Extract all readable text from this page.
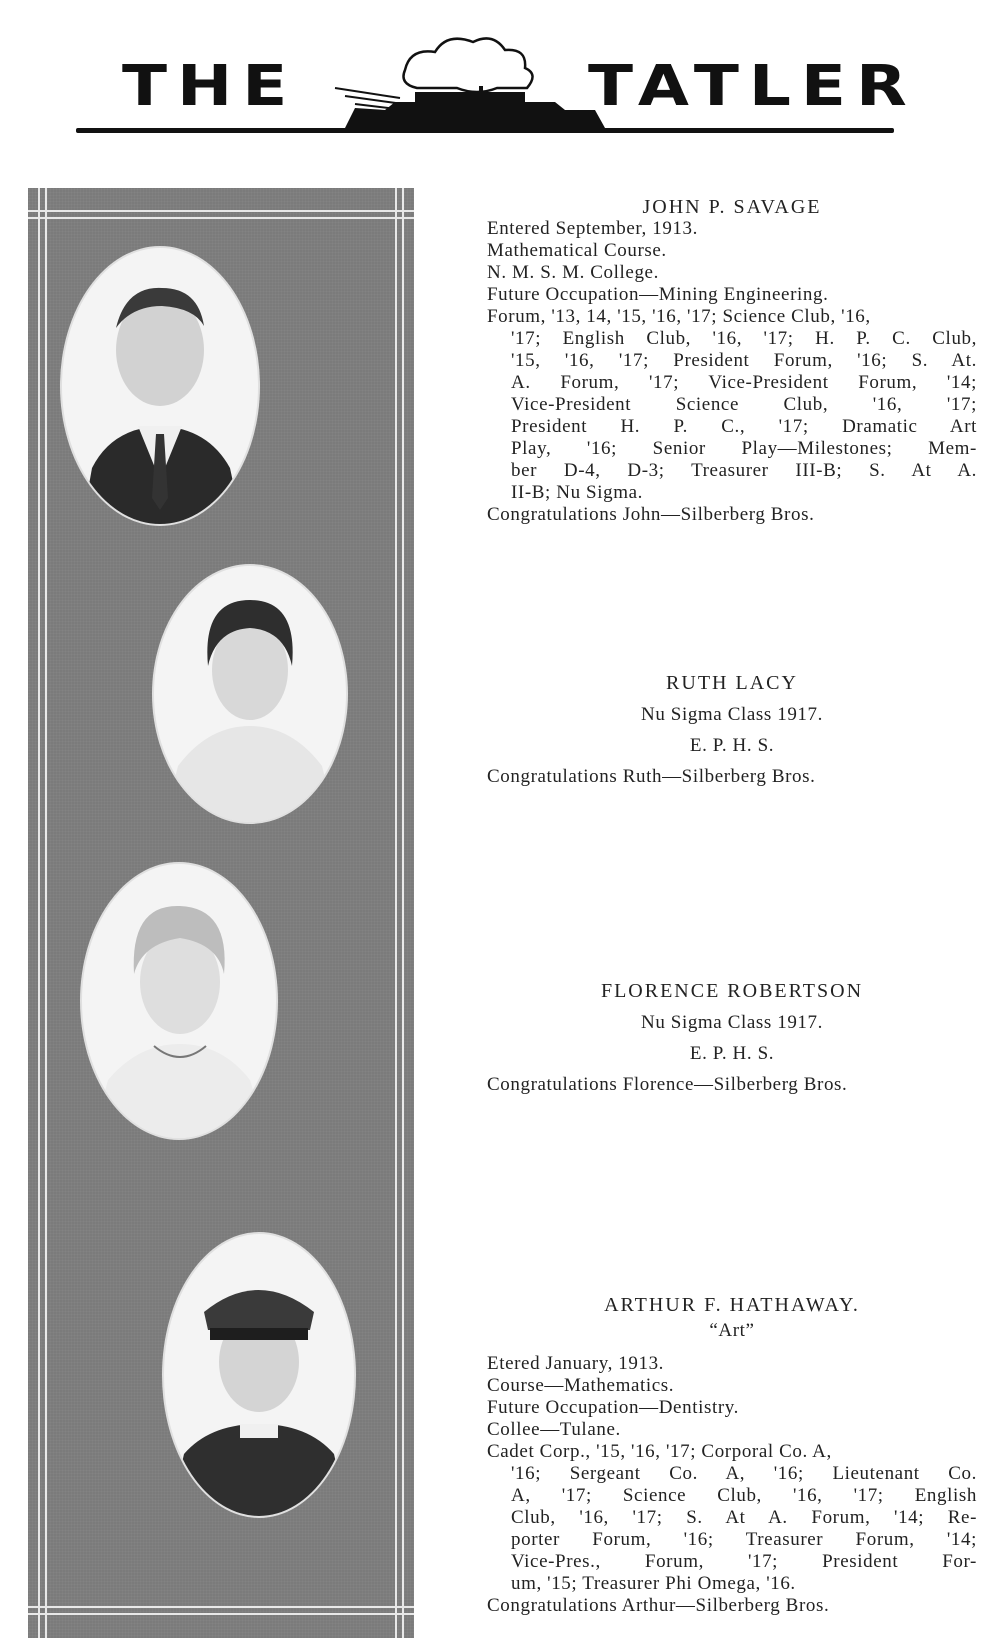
THE	TATLER
JOHN P. SAVAGE
Entered September, 1913.
Mathematical Course.
N. M. S. M. College.
Future Occupation—Mining Engineering.
Forum, '13, 14, '15, '16, '17; Science Club, '16,
'17; English Club, '16, '17; H. P. C. Club,
'15, '16, '17; President Forum, '16; S. At.
A. Forum, '17; Vice-President Forum, '14;
Vice-President Science Club, '16, '17;
President H. P. C., '17; Dramatic Art
Play, '16; Senior Play—Milestones; Mem-
ber D-4, D-3; Treasurer III-B; S. At A.
II-B; Nu Sigma.
Congratulations John—Silberberg Bros.
RUTH LACY
Nu Sigma Class 1917.
E. P. H. S.
Congratulations Ruth—Silberberg Bros.
FLORENCE ROBERTSON
Nu Sigma Class 1917.
E. P. H. S.
Congratulations Florence—Silberberg Bros.
ARTHUR F. HATHAWAY.
“Art”
Etered January, 1913.
Course—Mathematics.
Future Occupation—Dentistry.
Collee—Tulane.
Cadet Corp., '15, '16, '17; Corporal Co. A,
'16; Sergeant Co. A, '16; Lieutenant Co.
A, '17; Science Club, '16, '17; English
Club, '16, '17; S. At A. Forum, '14; Re-
porter Forum, '16; Treasurer Forum, '14;
Vice-Pres., Forum, '17; President For-
um, '15; Treasurer Phi Omega, '16.
Congratulations Arthur—Silberberg Bros.
